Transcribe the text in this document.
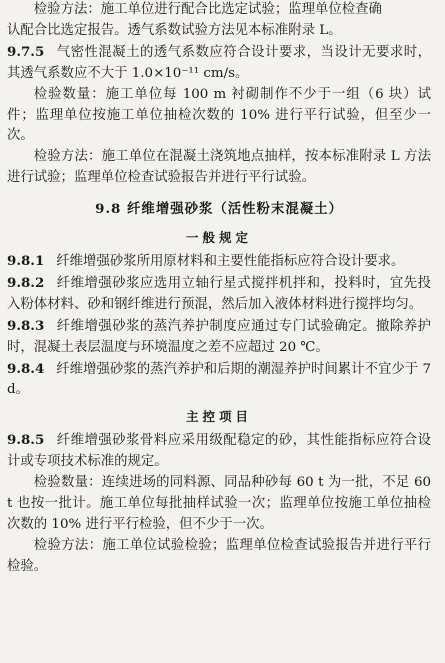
检验方法：施工单位进行配合比选定试验；监理单位检查确

认配合比选定报告。透气系数试验方法见本标准附录 L。

9.7.5 气密性混凝土的透气系数应符合设计要求，当设计无要求时，其透气系数应不大于 1.0×10⁻¹¹ cm/s。

检验数量：施工单位每 100 m 衬砌制作不少于一组（6 块）试件；监理单位按施工单位抽检次数的 10% 进行平行试验，但至少一次。

检验方法：施工单位在混凝土浇筑地点抽样，按本标准附录 L 方法进行试验；监理单位检查试验报告并进行平行试验。

9.8 纤维增强砂浆（活性粉末混凝土）
一般规定

9.8.1 纤维增强砂浆所用原材料和主要性能指标应符合设计要求。

9.8.2 纤维增强砂浆应选用立轴行星式搅拌机拌和，投料时，宜先投入粉体材料、砂和钢纤维进行预混，然后加入液体材料进行搅拌均匀。

9.8.3 纤维增强砂浆的蒸汽养护制度应通过专门试验确定。撤除养护时，混凝土表层温度与环境温度之差不应超过 20 ℃。

9.8.4 纤维增强砂浆的蒸汽养护和后期的潮湿养护时间累计不宜少于 7 d。

主控项目

9.8.5 纤维增强砂浆骨料应采用级配稳定的砂，其性能指标应符合设计或专项技术标准的规定。

检验数量：连续进场的同料源、同品种砂每 60 t 为一批，不足 60 t 也按一批计。施工单位每批抽样试验一次；监理单位按施工单位抽检次数的 10% 进行平行检验，但不少于一次。

检验方法：施工单位试验检验；监理单位检查试验报告并进行平行检验。
